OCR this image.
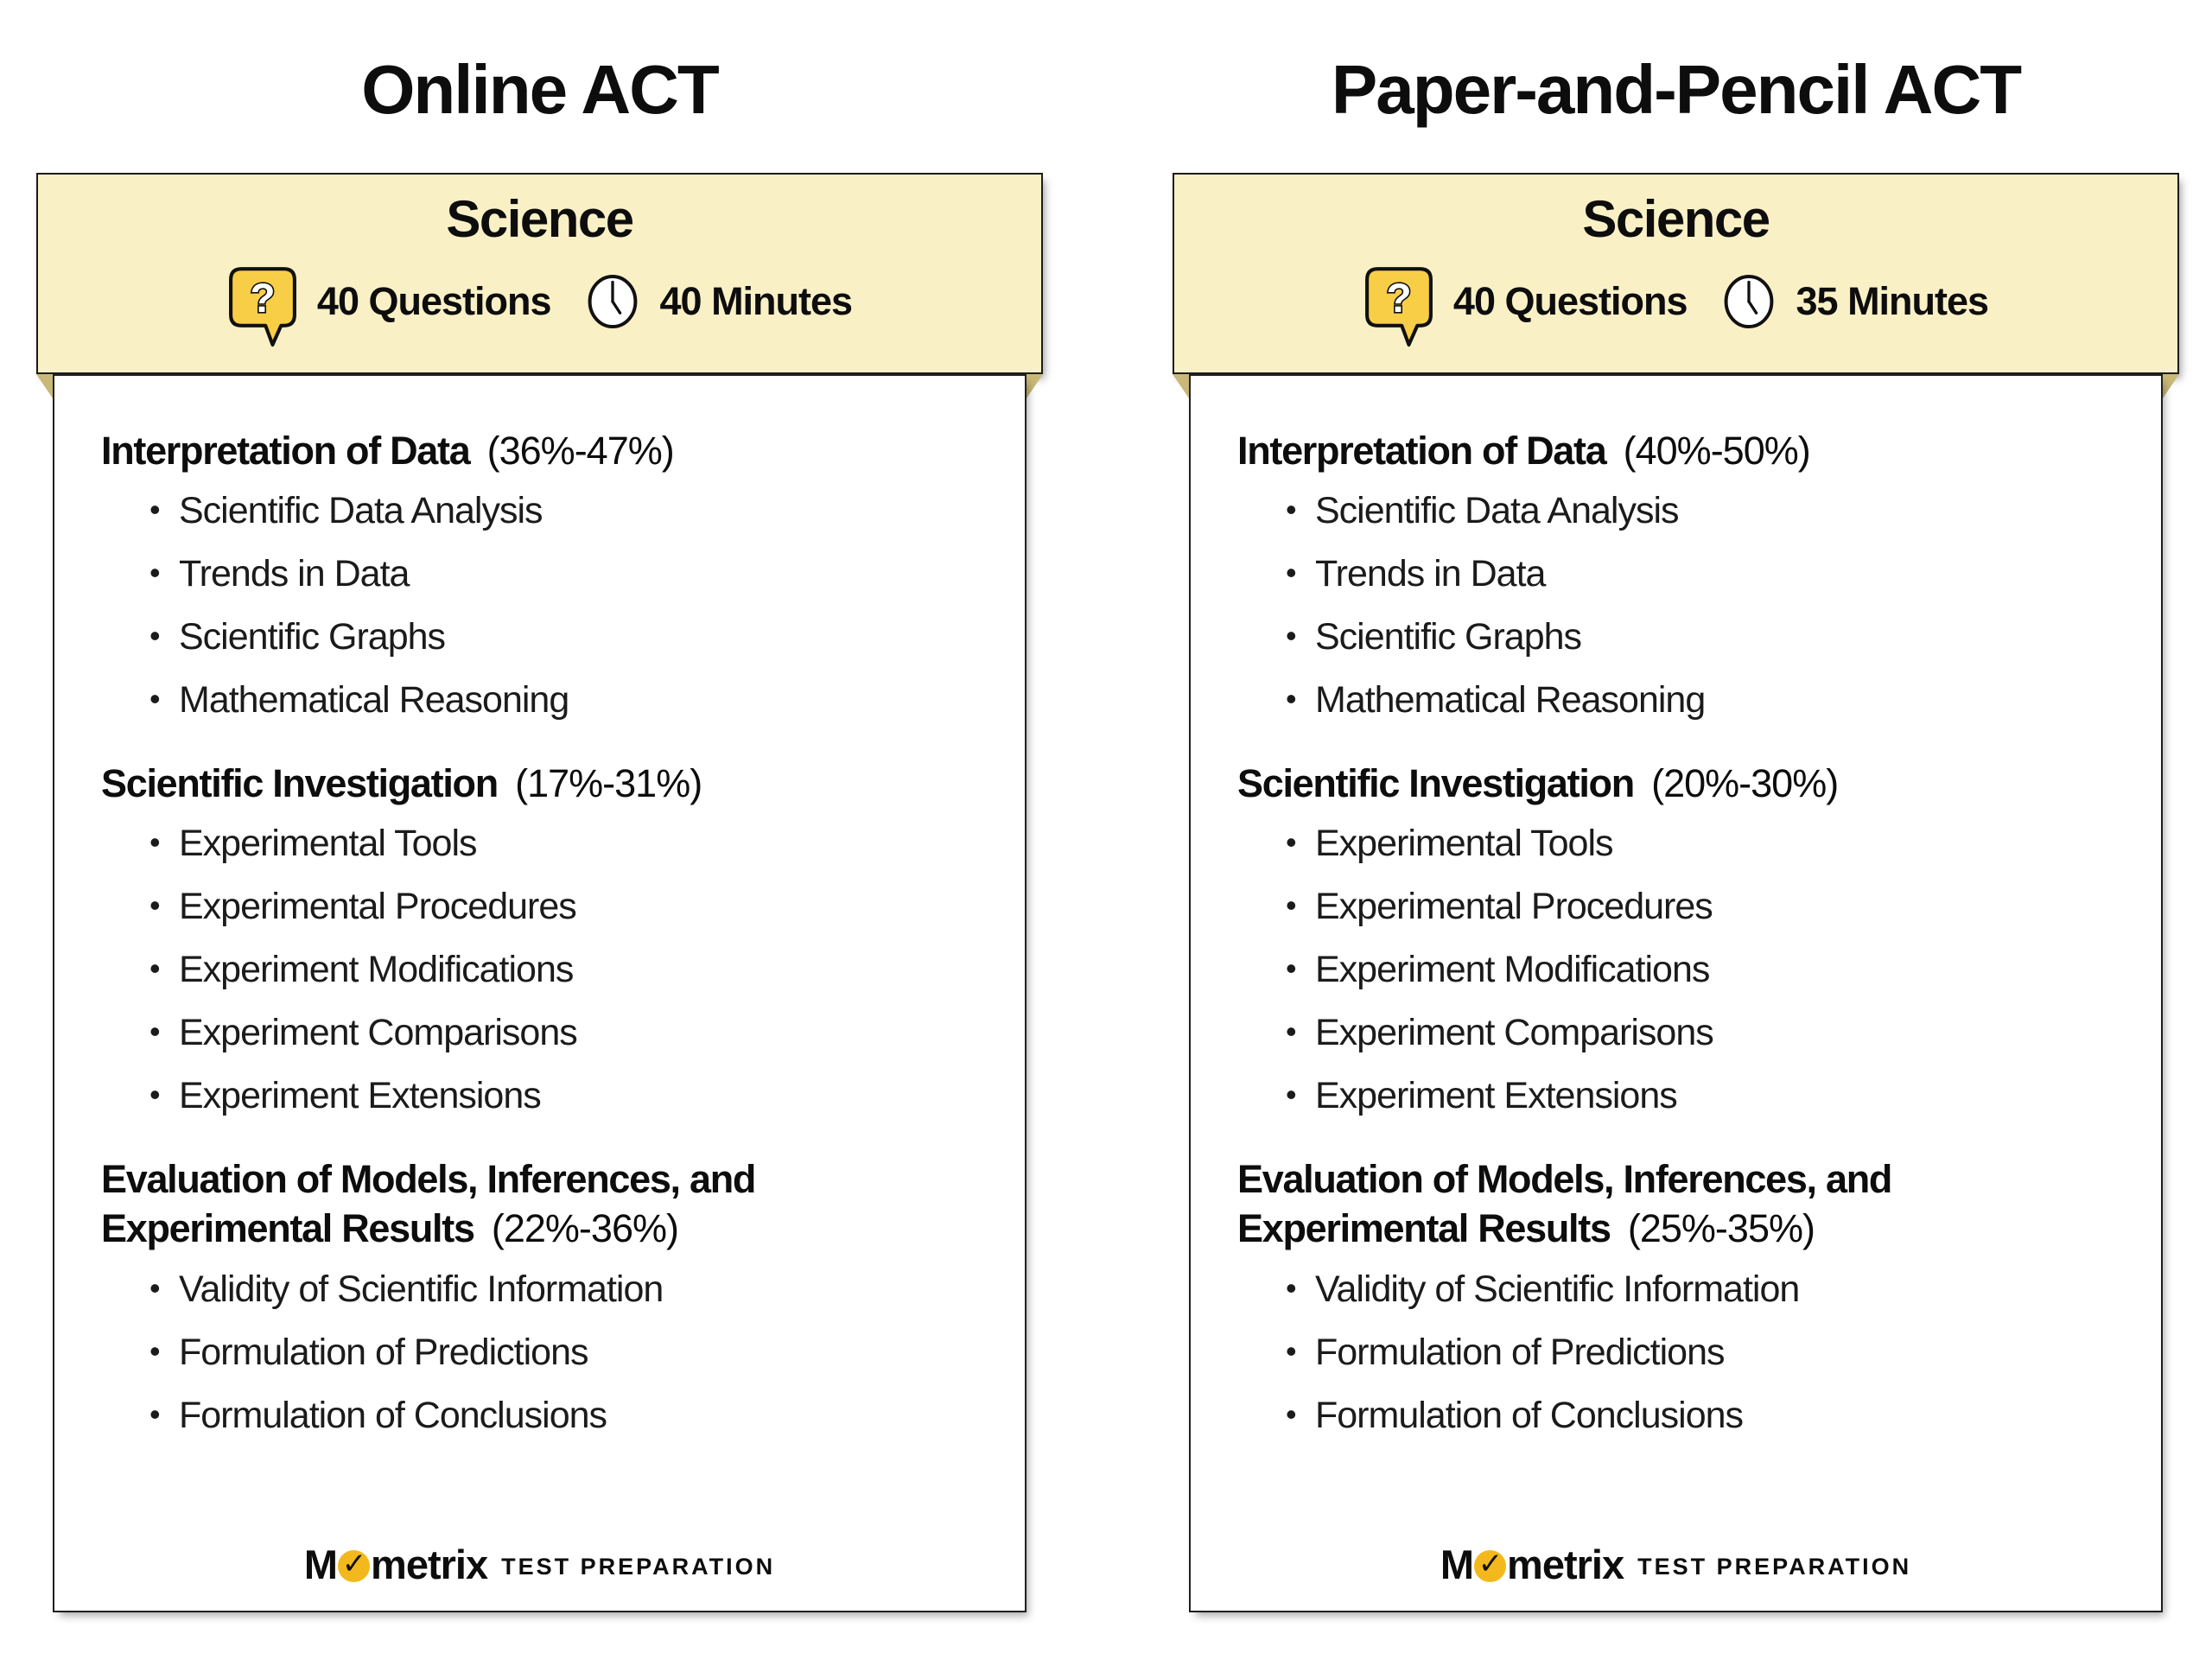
Online ACT
Science
? 40 Questions	40 Minutes
Interpretation of Data (36%-47%)
• Scientific Data Analysis
• Trends in Data
• Scientific Graphs
• Mathematical Reasoning
Scientific Investigation (17%-31%)
• Experimental Tools
• Experimental Procedures
• Experiment Modifications
• Experiment Comparisons
• Experiment Extensions
Evaluation of Models, Inferences, and Experimental Results (22%-36%)
• Validity of Scientific Information
• Formulation of Predictions
• Formulation of Conclusions
M ✓ metrix TEST PREPARATION
Paper-and-Pencil ACT
Science
? 40 Questions	35 Minutes
Interpretation of Data (40%-50%)
• Scientific Data Analysis
• Trends in Data
• Scientific Graphs
• Mathematical Reasoning
Scientific Investigation (20%-30%)
• Experimental Tools
• Experimental Procedures
• Experiment Modifications
• Experiment Comparisons
• Experiment Extensions
Evaluation of Models, Inferences, and Experimental Results (25%-35%)
• Validity of Scientific Information
• Formulation of Predictions
• Formulation of Conclusions
M ✓ metrix TEST PREPARATION
